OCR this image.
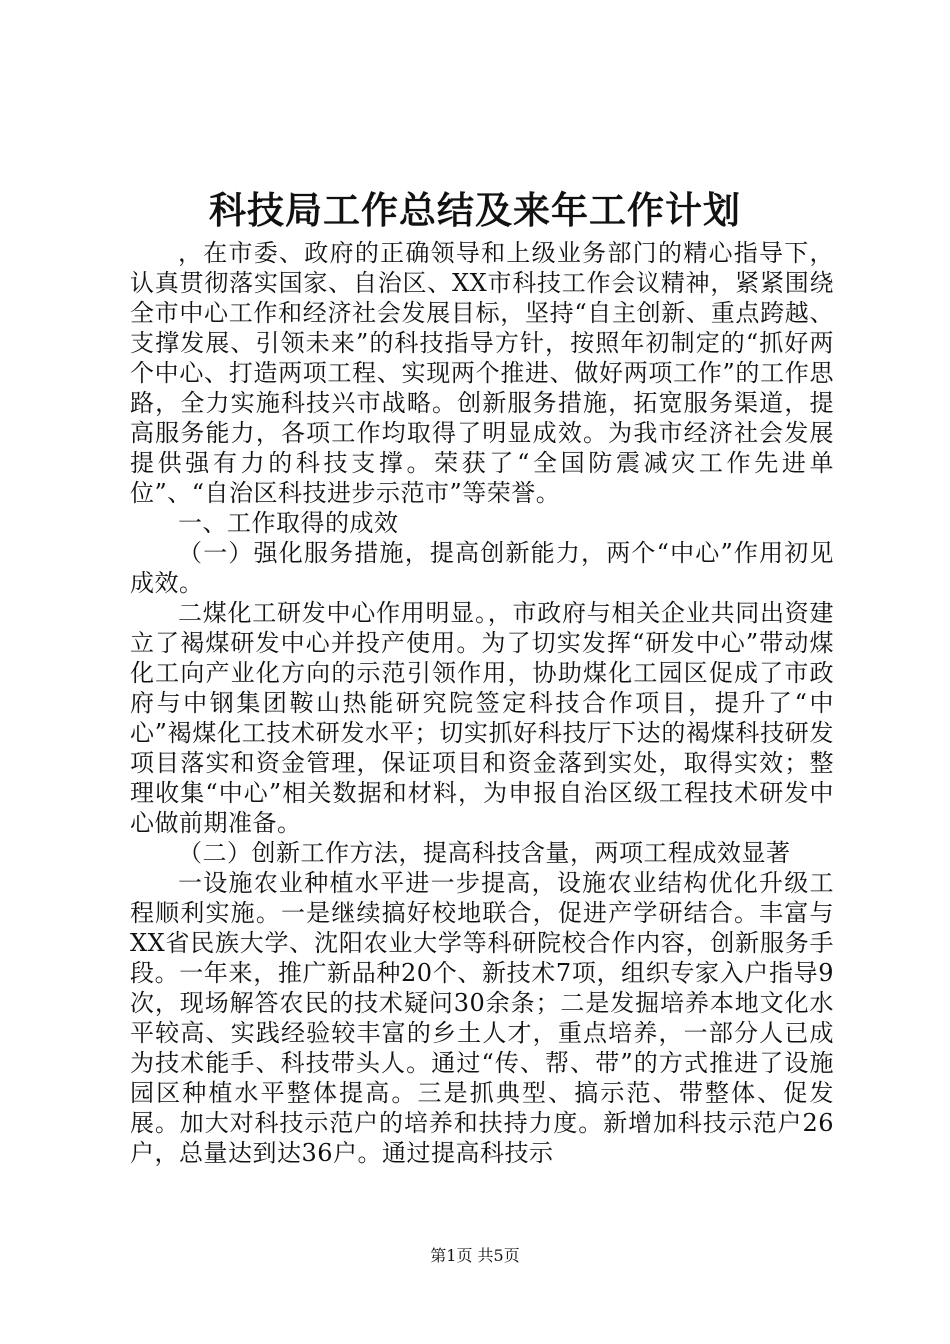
科技局工作总结及来年工作计划

，在市委、政府的正确领导和上级业务部门的精心指导下，认真贯彻落实国家、自治区、XX市科技工作会议精神，紧紧围绕全市中心工作和经济社会发展目标，坚持“自主创新、重点跨越、支撑发展、引领未来”的科技指导方针，按照年初制定的“抓好两个中心、打造两项工程、实现两个推进、做好两项工作”的工作思路，全力实施科技兴市战略。创新服务措施，拓宽服务渠道，提高服务能力，各项工作均取得了明显成效。为我市经济社会发展提供强有力的科技支撑。荣获了“全国防震减灾工作先进单位”、“自治区科技进步示范市”等荣誉。

一、工作取得的成效

（一）强化服务措施，提高创新能力，两个“中心”作用初见成效。

二煤化工研发中心作用明显。，市政府与相关企业共同出资建立了褐煤研发中心并投产使用。为了切实发挥“研发中心”带动煤化工向产业化方向的示范引领作用，协助煤化工园区促成了市政府与中钢集团鞍山热能研究院签定科技合作项目，提升了“中心”褐煤化工技术研发水平；切实抓好科技厅下达的褐煤科技研发项目落实和资金管理，保证项目和资金落到实处，取得实效；整理收集“中心”相关数据和材料，为申报自治区级工程技术研发中心做前期准备。

（二）创新工作方法，提高科技含量，两项工程成效显著

一设施农业种植水平进一步提高，设施农业结构优化升级工程顺利实施。一是继续搞好校地联合，促进产学研结合。丰富与XX省民族大学、沈阳农业大学等科研院校合作内容，创新服务手段。一年来，推广新品种20个、新技术7项，组织专家入户指导9次，现场解答农民的技术疑问30余条；二是发掘培养本地文化水平较高、实践经验较丰富的乡土人才，重点培养，一部分人已成为技术能手、科技带头人。通过“传、帮、带”的方式推进了设施园区种植水平整体提高。三是抓典型、搞示范、带整体、促发展。加大对科技示范户的培养和扶持力度。新增加科技示范户26户，总量达到达36户。通过提高科技示

第1页 共5页
